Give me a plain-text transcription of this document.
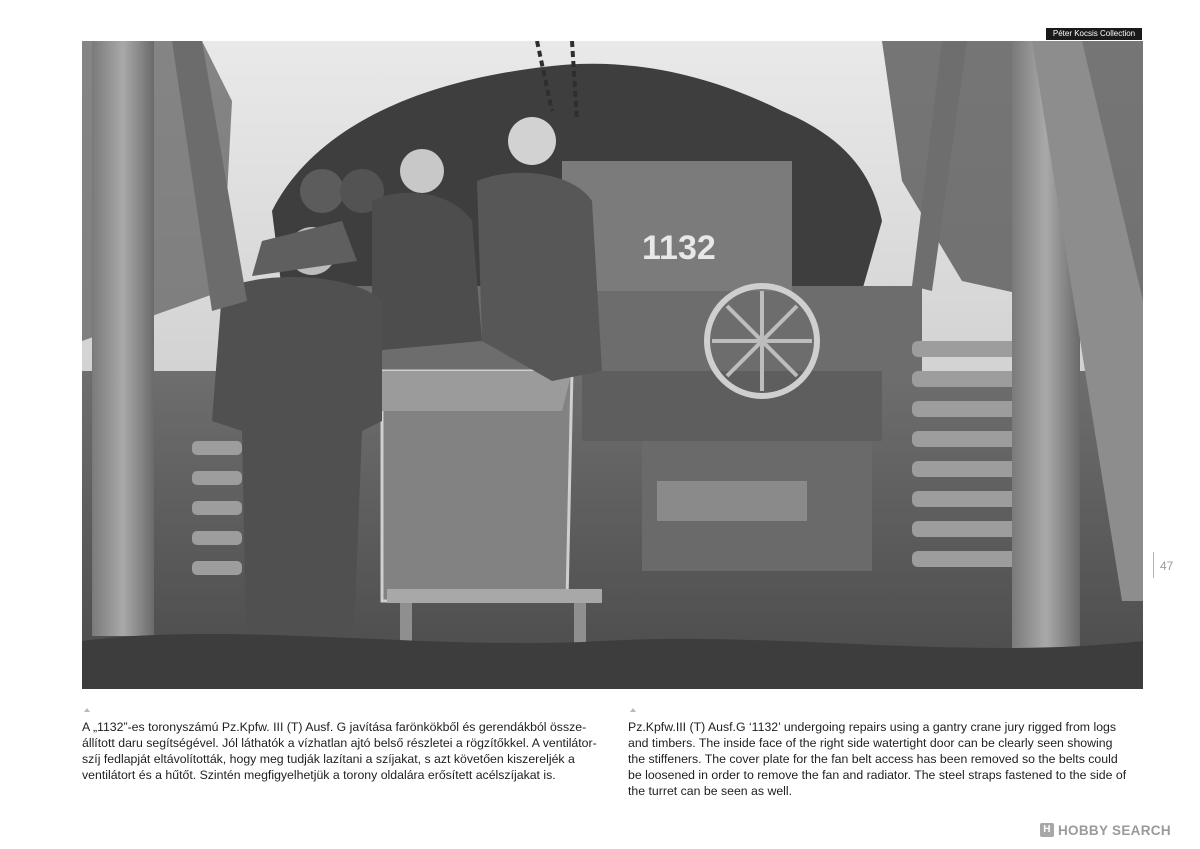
Péter Kocsis Collection
1132
47
A „1132”-es toronyszámú Pz.Kpfw. III (T) Ausf. G javítása farönkökből és gerendákból össze-
állított daru segítségével. Jól láthatók a vízhatlan ajtó belső részletei a rögzítőkkel. A ventilátor-
szíj fedlapját eltávolították, hogy meg tudják lazítani a szíjakat, s azt követően kiszereljék a
ventilátort és a hűtőt. Szintén megfigyelhetjük a torony oldalára erősített acélszíjakat is.
Pz.Kpfw.III (T) Ausf.G ‘1132’ undergoing repairs using a gantry crane jury rigged from logs
and timbers. The inside face of the right side watertight door can be clearly seen showing
the stiffeners. The cover plate for the fan belt access has been removed so the belts could
be loosened in order to remove the fan and radiator. The steel straps fastened to the side of
the turret can be seen as well.
H HOBBY SEARCH
